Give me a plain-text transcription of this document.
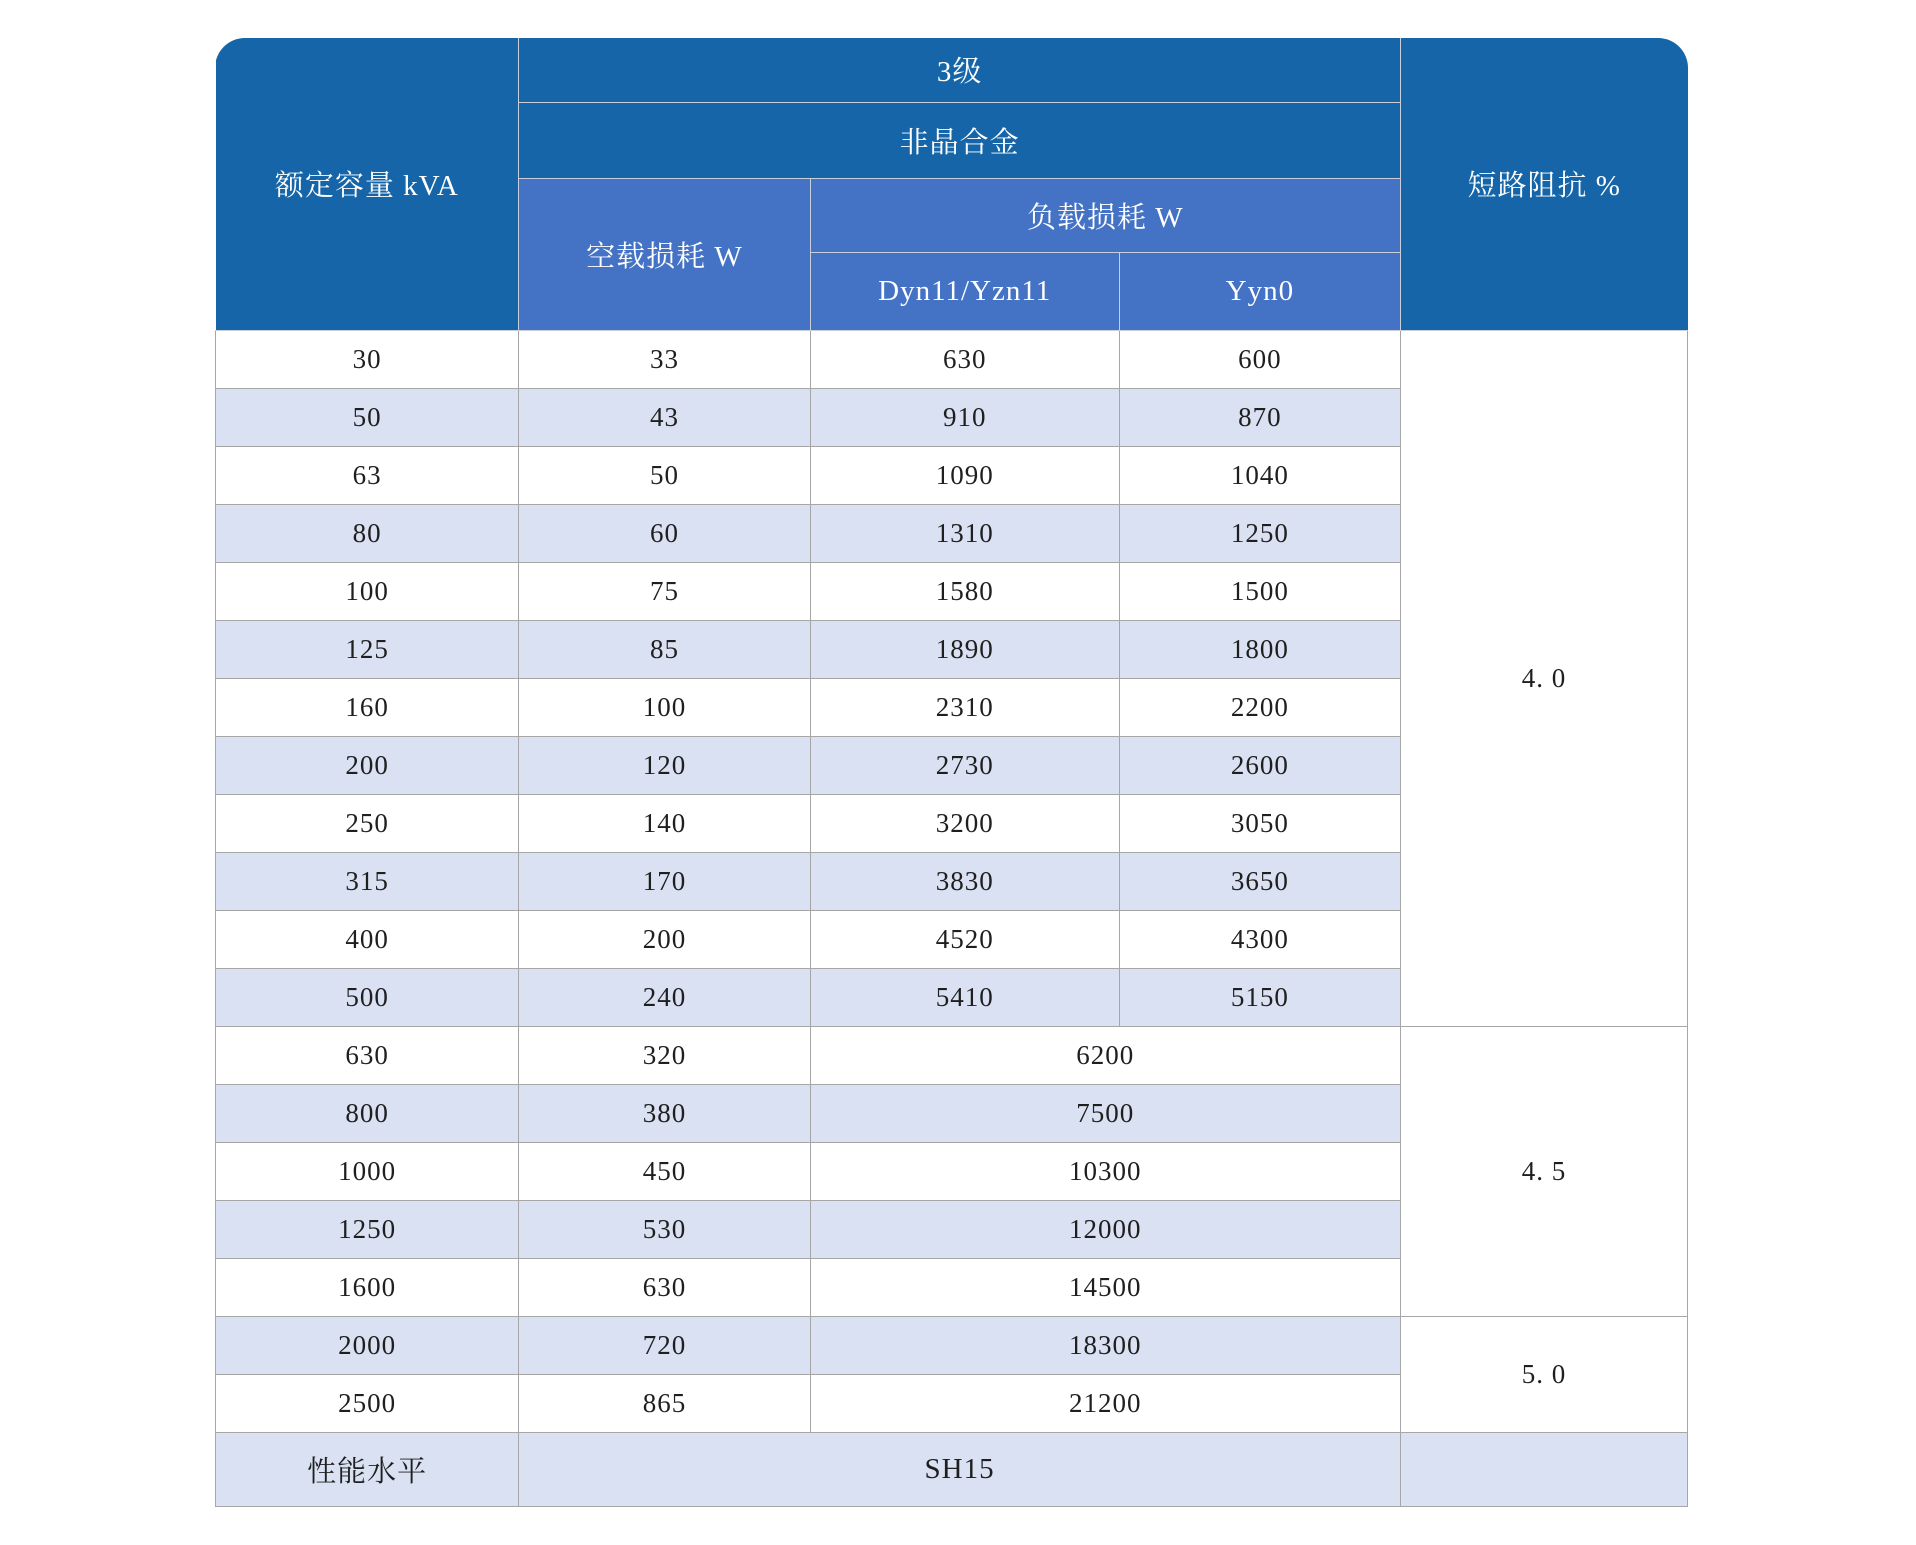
额定容量 kVA	3级			短路阻抗 %
	非晶合金			
	空载损耗 W	负载损耗 W		
		Dyn11/Yzn11	Yyn0	
30	33	630	600	4. 0
50	43	910	870	
63	50	1090	1040	
80	60	1310	1250	
100	75	1580	1500	
125	85	1890	1800	
160	100	2310	2200	
200	120	2730	2600	
250	140	3200	3050	
315	170	3830	3650	
400	200	4520	4300	
500	240	5410	5150	
630	320	6200		4. 5
800	380	7500		
1000	450	10300		
1250	530	12000		
1600	630	14500		
2000	720	18300		5. 0
2500	865	21200		
性能水平	SH15			
